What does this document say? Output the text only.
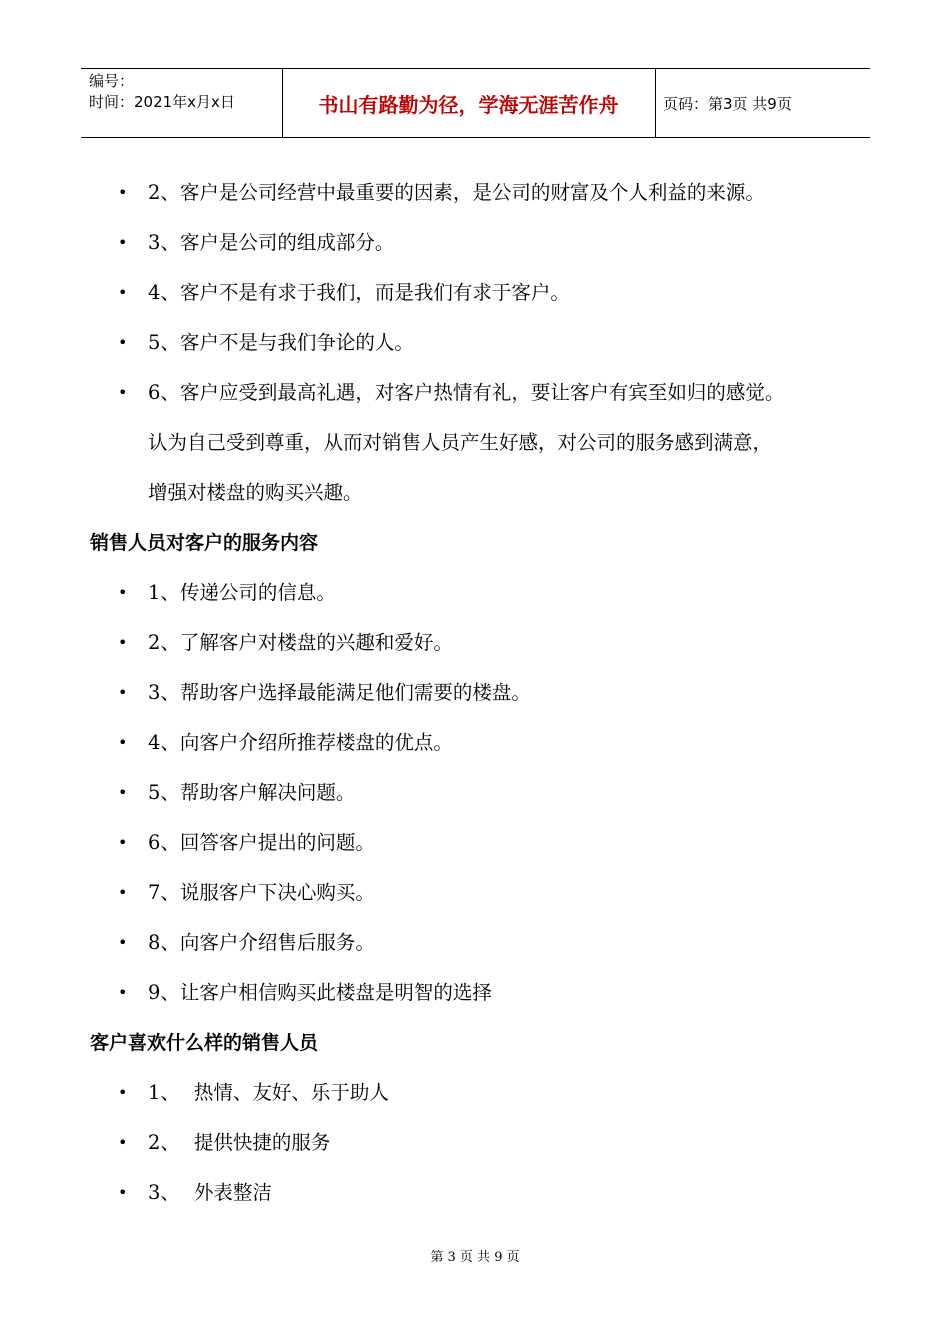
编号：
时间：2021年x月x日	书山有路勤为径，学海无涯苦作舟	页码：第3页 共9页
• 2、客户是公司经营中最重要的因素，是公司的财富及个人利益的来源。
• 3、客户是公司的组成部分。
• 4、客户不是有求于我们，而是我们有求于客户。
• 5、客户不是与我们争论的人。
• 6、客户应受到最高礼遇，对客户热情有礼，要让客户有宾至如归的感觉。
认为自己受到尊重，从而对销售人员产生好感，对公司的服务感到满意，
增强对楼盘的购买兴趣。
销售人员对客户的服务内容
• 1、传递公司的信息。
• 2、了解客户对楼盘的兴趣和爱好。
• 3、帮助客户选择最能满足他们需要的楼盘。
• 4、向客户介绍所推荐楼盘的优点。
• 5、帮助客户解决问题。
• 6、回答客户提出的问题。
• 7、说服客户下决心购买。
• 8、向客户介绍售后服务。
• 9、让客户相信购买此楼盘是明智的选择
客户喜欢什么样的销售人员
• 1、 热情、友好、乐于助人
• 2、 提供快捷的服务
• 3、 外表整洁
第 3 页 共 9 页
